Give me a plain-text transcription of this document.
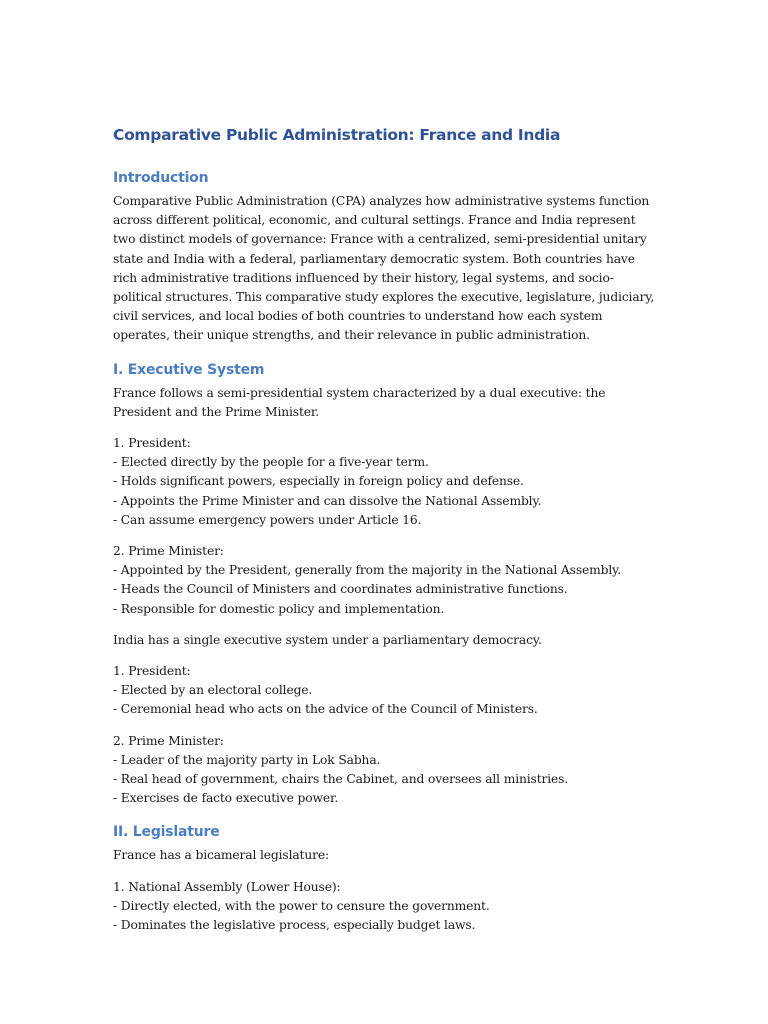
Comparative Public Administration: France and India
Introduction

Comparative Public Administration (CPA) analyzes how administrative systems function across different political, economic, and cultural settings. France and India represent two distinct models of governance: France with a centralized, semi-presidential unitary state and India with a federal, parliamentary democratic system. Both countries have rich administrative traditions influenced by their history, legal systems, and socio-political structures. This comparative study explores the executive, legislature, judiciary, civil services, and local bodies of both countries to understand how each system operates, their unique strengths, and their relevance in public administration.

I. Executive System

France follows a semi-presidential system characterized by a dual executive: the President and the Prime Minister.

1. President:

- Elected directly by the people for a five-year term.

- Holds significant powers, especially in foreign policy and defense.

- Appoints the Prime Minister and can dissolve the National Assembly.

- Can assume emergency powers under Article 16.

2. Prime Minister:

- Appointed by the President, generally from the majority in the National Assembly.

- Heads the Council of Ministers and coordinates administrative functions.

- Responsible for domestic policy and implementation.

India has a single executive system under a parliamentary democracy.

1. President:

- Elected by an electoral college.

- Ceremonial head who acts on the advice of the Council of Ministers.

2. Prime Minister:

- Leader of the majority party in Lok Sabha.

- Real head of government, chairs the Cabinet, and oversees all ministries.

- Exercises de facto executive power.

II. Legislature

France has a bicameral legislature:

1. National Assembly (Lower House):

- Directly elected, with the power to censure the government.

- Dominates the legislative process, especially budget laws.
